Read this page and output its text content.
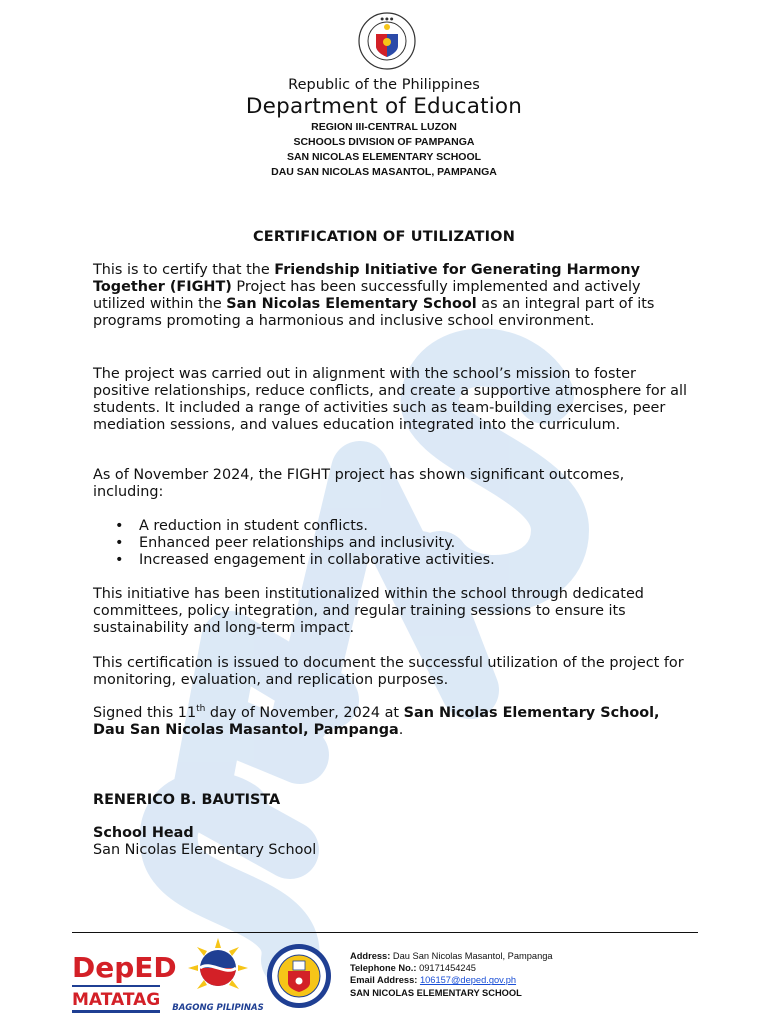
● ● ●
Republic of the Philippines
Department of Education
REGION III-CENTRAL LUZON
SCHOOLS DIVISION OF PAMPANGA
SAN NICOLAS ELEMENTARY SCHOOL
DAU SAN NICOLAS MASANTOL, PAMPANGA
CERTIFICATION OF UTILIZATION
This is to certify that the Friendship Initiative for Generating Harmony Together (FIGHT) Project has been successfully implemented and actively utilized within the San Nicolas Elementary School as an integral part of its programs promoting a harmonious and inclusive school environment.
The project was carried out in alignment with the school’s mission to foster positive relationships, reduce conflicts, and create a supportive atmosphere for all students. It included a range of activities such as team-building exercises, peer mediation sessions, and values education integrated into the curriculum.
As of November 2024, the FIGHT project has shown significant outcomes, including:
• A reduction in student conflicts.
• Enhanced peer relationships and inclusivity.
• Increased engagement in collaborative activities.
This initiative has been institutionalized within the school through dedicated committees, policy integration, and regular training sessions to ensure its sustainability and long-term impact.
This certification is issued to document the successful utilization of the project for monitoring, evaluation, and replication purposes.
Signed this 11th day of November, 2024 at San Nicolas Elementary School, Dau San Nicolas Masantol, Pampanga.
RENERICO B. BAUTISTA
School Head
San Nicolas Elementary School
DepED
MATATAG BAGONG PILIPINAS
Address: Dau San Nicolas Masantol, Pampanga
Telephone No.: 09171454245
Email Address: 106157@deped.gov.ph
SAN NICOLAS ELEMENTARY SCHOOL
